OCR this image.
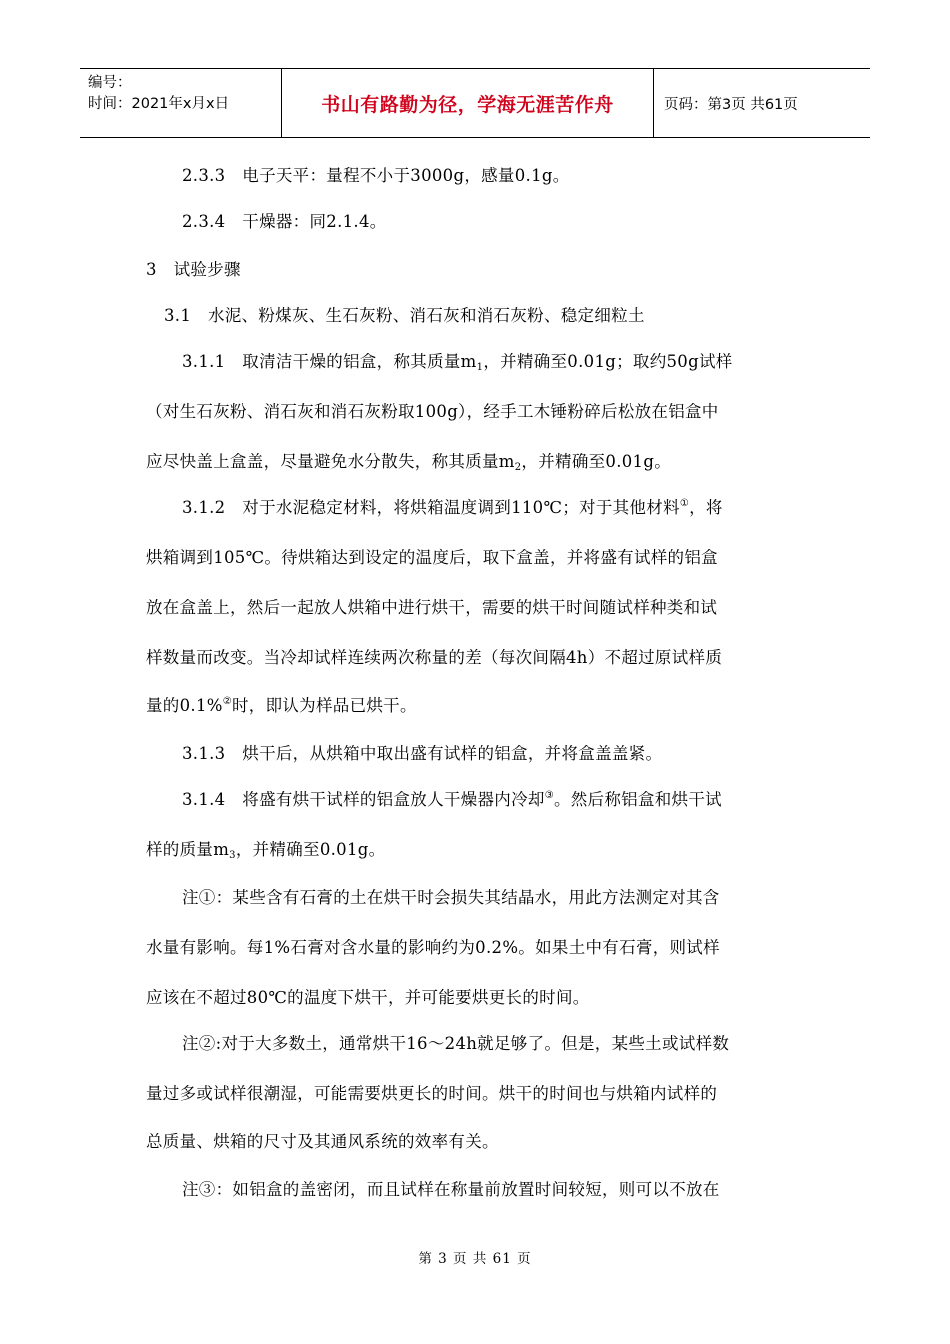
编号：
时间：2021年x月x日	书山有路勤为径，学海无涯苦作舟	页码：第3页 共61页
2.3.3　电子天平：量程不小于3000g，感量0.1g。
2.3.4　干燥器：同2.1.4。
3　试验步骤
3.1　水泥、粉煤灰、生石灰粉、消石灰和消石灰粉、稳定细粒土
3.1.1　取清洁干燥的铝盒，称其质量$m_1$，并精确至0.01g；取约50g试样
（对生石灰粉、消石灰和消石灰粉取100g），经手工木锤粉碎后松放在铝盒中
应尽快盖上盒盖，尽量避免水分散失，称其质量$m_2$，并精确至0.01g。
3.1.2　对于水泥稳定材料，将烘箱温度调到110℃；对于其他材料①，将
烘箱调到105℃。待烘箱达到设定的温度后，取下盒盖，并将盛有试样的铝盒
放在盒盖上，然后一起放人烘箱中进行烘干，需要的烘干时间随试样种类和试
样数量而改变。当冷却试样连续两次称量的差（每次间隔4h）不超过原试样质
量的0.1%②时，即认为样品已烘干。
3.1.3　烘干后，从烘箱中取出盛有试样的铝盒，并将盒盖盖紧。
3.1.4　将盛有烘干试样的铝盒放人干燥器内冷却③。然后称铝盒和烘干试
样的质量$m_3$，并精确至0.01g。
注①：某些含有石膏的土在烘干时会损失其结晶水，用此方法测定对其含
水量有影响。每1%石膏对含水量的影响约为0.2%。如果土中有石膏，则试样
应该在不超过80℃的温度下烘干，并可能要烘更长的时间。
注②:对于大多数土，通常烘干16～24h就足够了。但是，某些土或试样数
量过多或试样很潮湿，可能需要烘更长的时间。烘干的时间也与烘箱内试样的
总质量、烘箱的尺寸及其通风系统的效率有关。
注③：如铝盒的盖密闭，而且试样在称量前放置时间较短，则可以不放在
第 3 页 共 61 页
